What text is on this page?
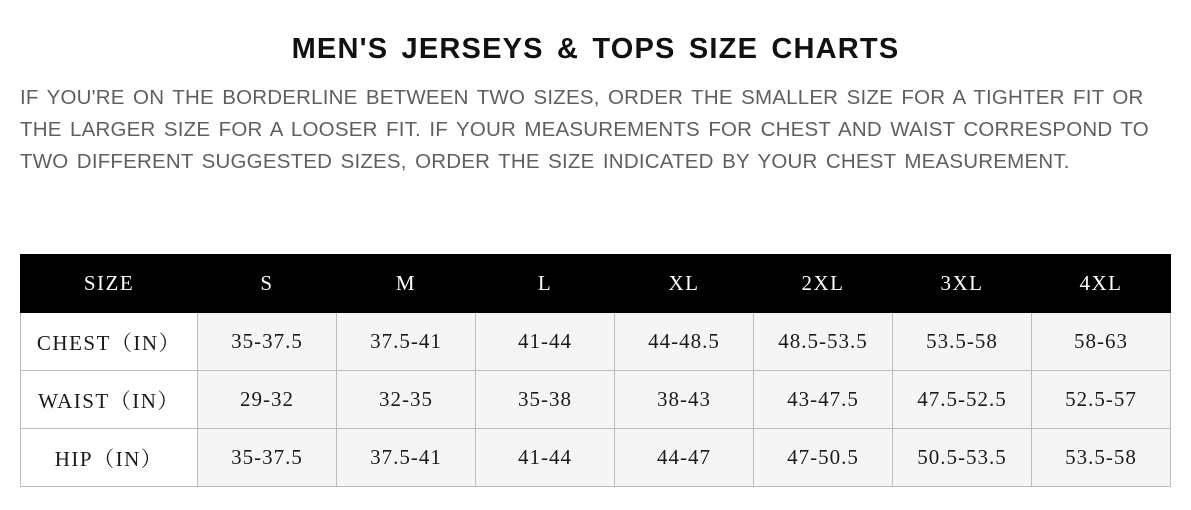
MEN'S JERSEYS & TOPS SIZE CHARTS

IF YOU'RE ON THE BORDERLINE BETWEEN TWO SIZES, ORDER THE SMALLER SIZE FOR A TIGHTER FIT OR THE LARGER SIZE FOR A LOOSER FIT. IF YOUR MEASUREMENTS FOR CHEST AND WAIST CORRESPOND TO TWO DIFFERENT SUGGESTED SIZES, ORDER THE SIZE INDICATED BY YOUR CHEST MEASUREMENT.

SIZE	S	M	L	XL	2XL	3XL	4XL
CHEST（IN）	35-37.5	37.5-41	41-44	44-48.5	48.5-53.5	53.5-58	58-63
WAIST（IN）	29-32	32-35	35-38	38-43	43-47.5	47.5-52.5	52.5-57
HIP（IN）	35-37.5	37.5-41	41-44	44-47	47-50.5	50.5-53.5	53.5-58
